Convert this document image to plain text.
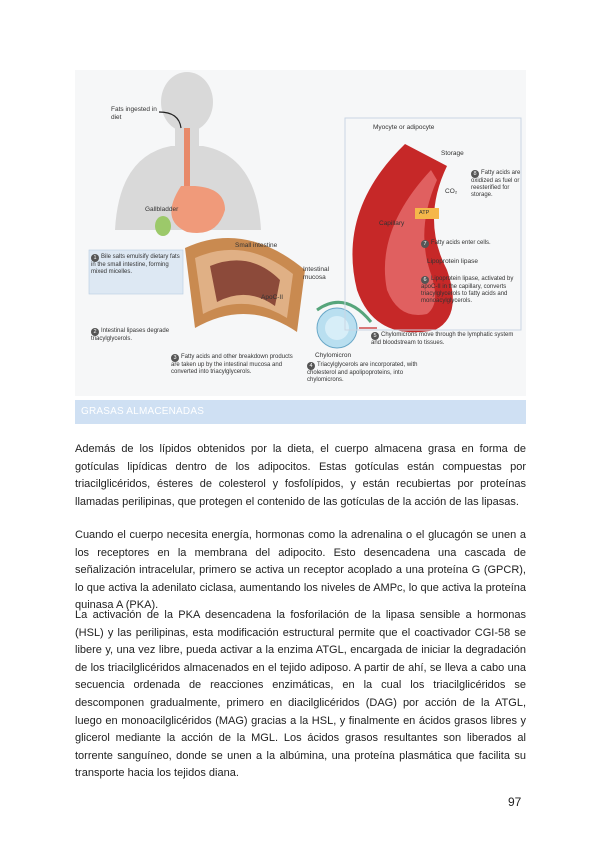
Fats ingested in diet
Gallbladder
Small intestine
Intestinal mucosa
ApoC-II
Chylomicron
Myocyte or adipocyte
Storage
CO₂
ATP
Capillary
Lipoprotein lipase
1 Bile salts emulsify dietary fats in the small intestine, forming mixed micelles.
2 Intestinal lipases degrade triacylglycerols.
3 Fatty acids and other breakdown products are taken up by the intestinal mucosa and converted into triacylglycerols.
4 Triacylglycerols are incorporated, with cholesterol and apolipoproteins, into chylomicrons.
5 Chylomicrons move through the lymphatic system and bloodstream to tissues.
6 Lipoprotein lipase, activated by apoC-II in the capillary, converts triacylglycerols to fatty acids and monoacylglycerols.
7 Fatty acids enter cells.
8 Fatty acids are oxidized as fuel or reesterified for storage.
GRASAS ALMACENADAS

Además de los lípidos obtenidos por la dieta, el cuerpo almacena grasa en forma de gotículas lipídicas dentro de los adipocitos. Estas gotículas están compuestas por triacilglicéridos, ésteres de colesterol y fosfolípidos, y están recubiertas por proteínas llamadas perilipinas, que protegen el contenido de las gotículas de la acción de las lipasas.

Cuando el cuerpo necesita energía, hormonas como la adrenalina o el glucagón se unen a los receptores en la membrana del adipocito. Esto desencadena una cascada de señalización intracelular, primero se activa un receptor acoplado a una proteína G (GPCR), lo que activa la adenilato ciclasa, aumentando los niveles de AMPc, lo que activa la proteína quinasa A (PKA).

La activación de la PKA desencadena la fosforilación de la lipasa sensible a hormonas (HSL) y las perilipinas, esta modificación estructural permite que el coactivador CGI-58 se libere y, una vez libre, pueda activar a la enzima ATGL, encargada de iniciar la degradación de los triacilglicéridos almacenados en el tejido adiposo. A partir de ahí, se lleva a cabo una secuencia ordenada de reacciones enzimáticas, en la cual los triacilglicéridos se descomponen gradualmente, primero en diacilglicéridos (DAG) por acción de la ATGL, luego en monoacilglicéridos (MAG) gracias a la HSL, y finalmente en ácidos grasos libres y glicerol mediante la acción de la MGL. Los ácidos grasos resultantes son liberados al torrente sanguíneo, donde se unen a la albúmina, una proteína plasmática que facilita su transporte hacia los tejidos diana.

97
